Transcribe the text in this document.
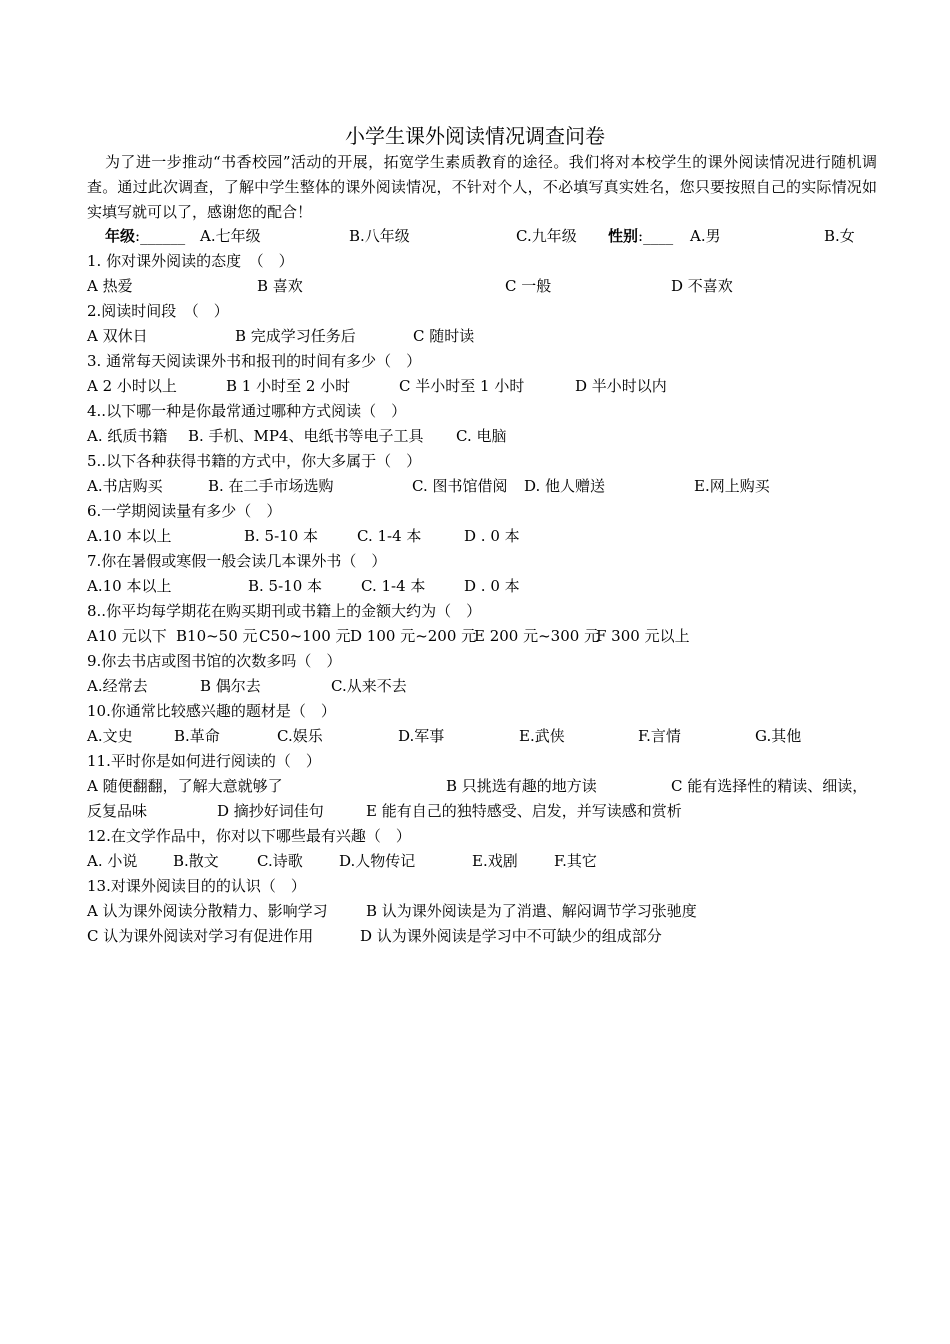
小学生课外阅读情况调查问卷

为了进一步推动“书香校园”活动的开展，拓宽学生素质教育的途径。我们将对本校学生的课外阅读情况进行随机调查。通过此次调查，了解中学生整体的课外阅读情况，不针对个人，不必填写真实姓名，您只要按照自己的实际情况如实填写就可以了，感谢您的配合！

年级:______ A.七年级	B.八年级	C.九年级 性别:____ A.男	B.女
1. 你对课外阅读的态度　（　）
A 热爱	B 喜欢	C 一般	D 不喜欢
2.阅读时间段　（　）
A 双休日	B 完成学习任务后	C 随时读
3. 通常每天阅读课外书和报刊的时间有多少（　）
A 2 小时以上	B 1 小时至 2 小时	C 半小时至 1 小时	D 半小时以内
4..以下哪一种是你最常通过哪种方式阅读（　）
A. 纸质书籍 B. 手机、MP4、电纸书等电子工具 C. 电脑
5..以下各种获得书籍的方式中，你大多属于（　）
A.书店购买	B. 在二手市场选购	C. 图书馆借阅 D. 他人赠送	E.网上购买
6.一学期阅读量有多少（　）
A.10 本以上	B. 5-10 本	C. 1-4 本	D . 0 本
7.你在暑假或寒假一般会读几本课外书（　）
A.10 本以上	B. 5-10 本	C. 1-4 本	D . 0 本
8..你平均每学期花在购买期刊或书籍上的金额大约为（　）
A10 元以下 B10~50 元 C50~100 元 D 100 元~200 元
E 200 元~300 元
F 300 元以上
9.你去书店或图书馆的次数多吗（　）
A.经常去	B 偶尔去	C.从来不去
10.你通常比较感兴趣的题材是（　）
A.文史	B.革命	C.娱乐	D.军事	E.武侠	F.言情	G.其他
11.平时你是如何进行阅读的（　）
A 随便翻翻，了解大意就够了	B 只挑选有趣的地方读	C 能有选择性的精读、细读，
反复品味	D 摘抄好词佳句	E 能有自己的独特感受、启发，并写读感和赏析
12.在文学作品中，你对以下哪些最有兴趣（　）
A. 小说 B.散文	C.诗歌 D.人物传记	E.戏剧 F.其它
13.对课外阅读目的的认识（　）
A 认为课外阅读分散精力、影响学习	B 认为课外阅读是为了消遣、解闷调节学习张驰度
C 认为课外阅读对学习有促进作用	D 认为课外阅读是学习中不可缺少的组成部分
